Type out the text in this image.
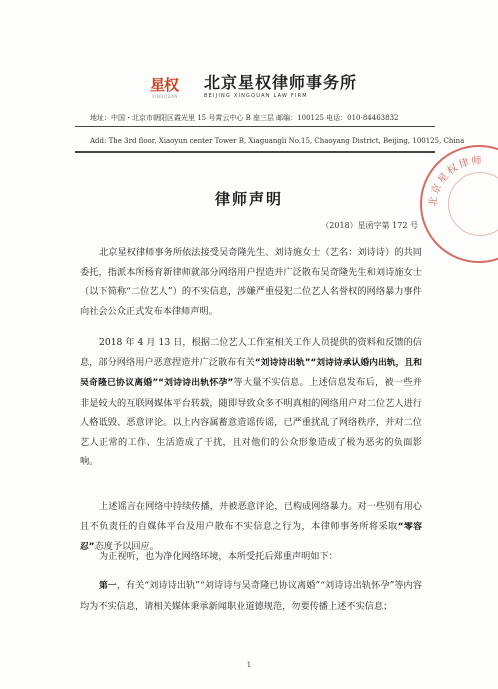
星权
XINGQUAN
北京星权律师事务所
BEIJING XINGQUAN LAW FIRM
地址：中国・北京市朝阳区霞光里 15 号霄云中心 B 座三层 邮编：100125 电话：010-84463832
Add: The 3rd floor, Xiaoyun center Tower B, Xiaguangli No.15, Chaoyang District, Beijing, 100125, China
北京星权律师
律师声明
（2018）星函字第 172 号
北京星权律师事务所依法接受吴奇隆先生、刘诗施女士（艺名：刘诗诗）的共同委托，指派本所杨育新律师就部分网络用户捏造并广泛散布吴奇隆先生和刘诗施女士（以下简称“二位艺人”）的不实信息，涉嫌严重侵犯二位艺人名誉权的网络暴力事件向社会公众正式发布本律师声明。
2018 年 4 月 13 日，根据二位艺人工作室相关工作人员提供的资料和反馈的信息，部分网络用户恶意捏造并广泛散布有关“刘诗诗出轨”“刘诗诗承认婚内出轨，且和吴奇隆已协议离婚”“刘诗诗出轨怀孕”等大量不实信息。上述信息发布后，被一些并非是较大的互联网媒体平台转载，随即导致众多不明真相的网络用户对二位艺人进行人格诋毁、恶意评论。以上内容属蓄意造谣传谣，已严重扰乱了网络秩序，并对二位艺人正常的工作、生活造成了干扰，且对他们的公众形象造成了极为恶劣的负面影响。
上述谣言在网络中持续传播，并被恶意评论，已构成网络暴力。对一些别有用心且不负责任的自媒体平台及用户散布不实信息之行为，本律师事务所将采取“零容忍”态度予以回应。
为正视听，也为净化网络环境，本所受托后郑重声明如下：
第一，有关“刘诗诗出轨”“刘诗诗与吴奇隆已协议离婚”“刘诗诗出轨怀孕”等内容均为不实信息，请相关媒体秉承新闻职业道德规范，勿要传播上述不实信息；
1
